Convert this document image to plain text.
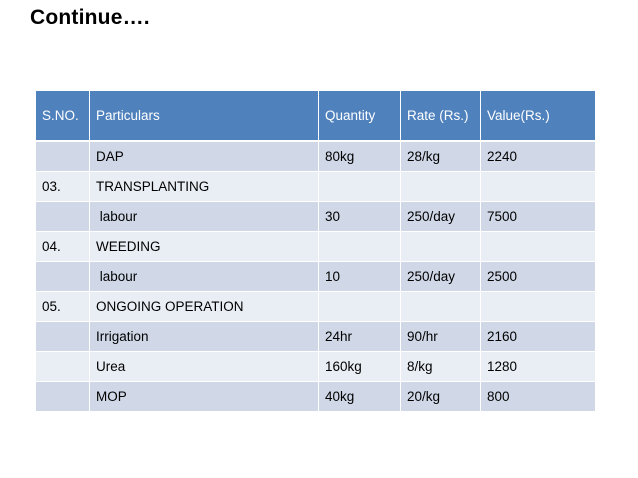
Continue….
S.NO.	Particulars	Quantity	Rate (Rs.)	Value(Rs.)
	DAP	80kg	28/kg	2240
03.	TRANSPLANTING			
	labour	30	250/day	7500
04.	WEEDING			
	labour	10	250/day	2500
05.	ONGOING OPERATION			
	Irrigation	24hr	90/hr	2160
	Urea	160kg	8/kg	1280
	MOP	40kg	20/kg	800
